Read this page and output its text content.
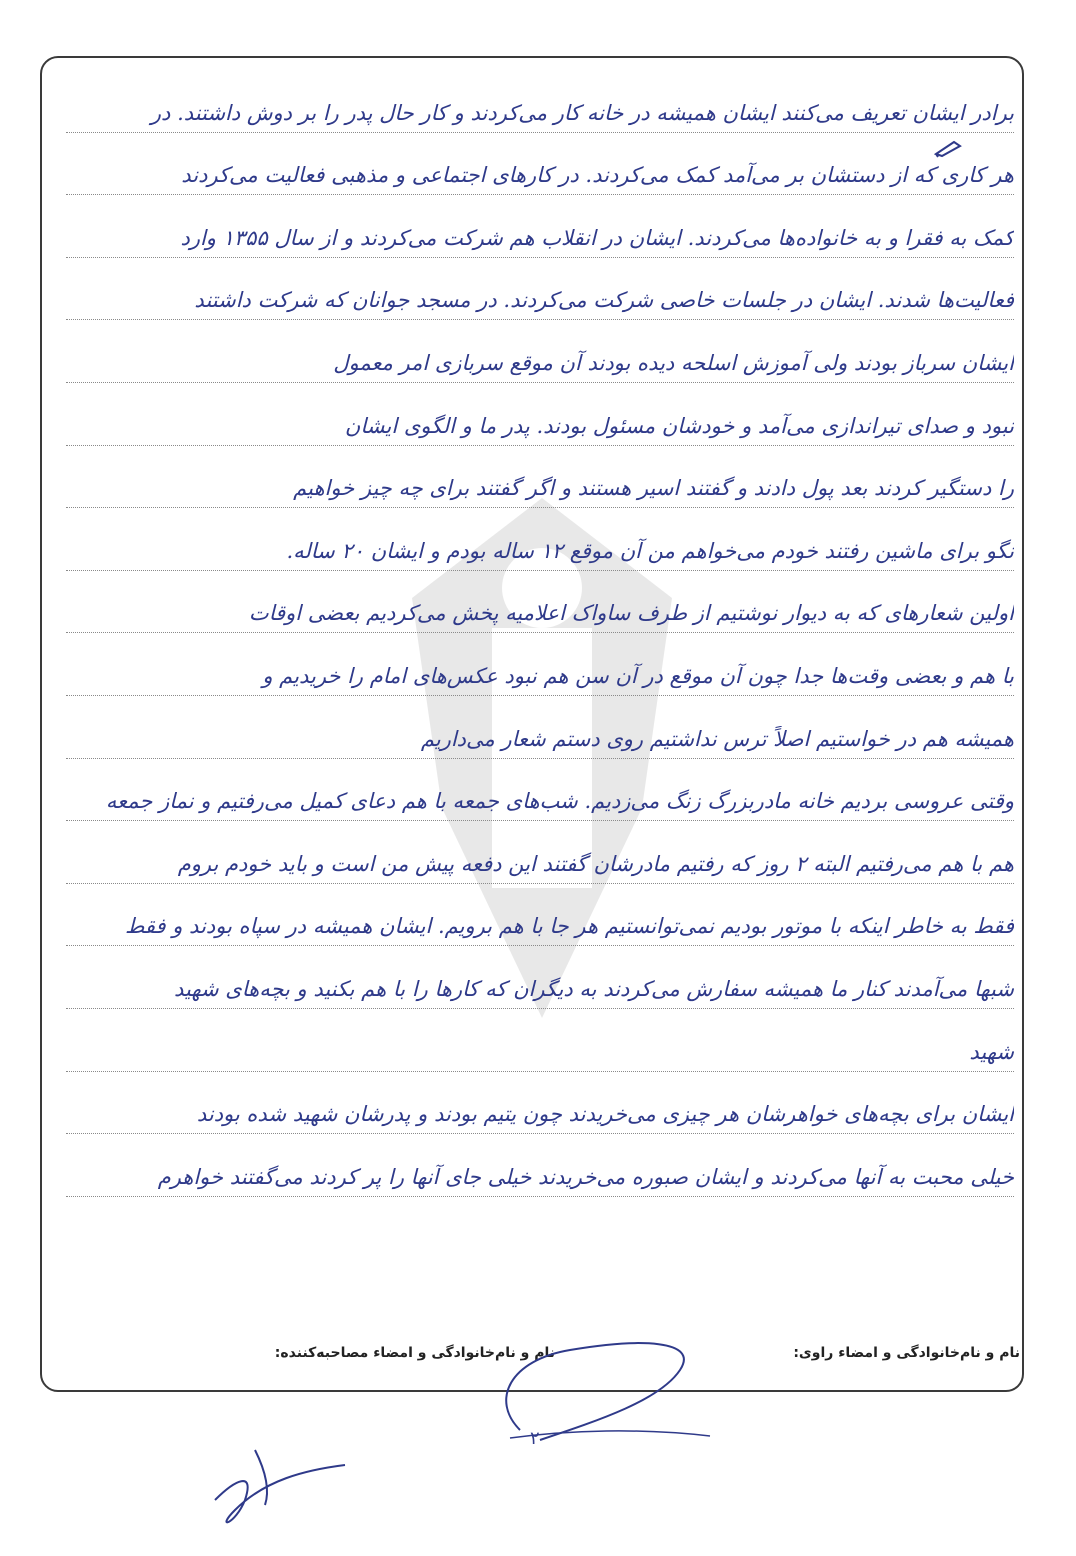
برادر ایشان تعریف می‌کنند ایشان همیشه در خانه کار می‌کردند و کار حال پدر را بر دوش داشتند. در
هر کاری که از دستشان بر می‌آمد کمک می‌کردند. در کارهای اجتماعی و مذهبی فعالیت می‌کردند
کمک به فقرا و به خانواده‌ها می‌کردند. ایشان در انقلاب هم شرکت می‌کردند و از سال ۱۳۵۵ وارد
فعالیت‌ها شدند. ایشان در جلسات خاصی شرکت می‌کردند. در مسجد جوانان که شرکت داشتند
ایشان سرباز بودند ولی آموزش اسلحه دیده بودند آن موقع سربازی امر معمول
نبود و صدای تیراندازی می‌آمد و خودشان مسئول بودند. پدر ما و الگوی ایشان
را دستگیر کردند بعد پول دادند و گفتند اسیر هستند و اگر گفتند برای چه چیز خواهیم
نگو برای ماشین رفتند خودم می‌خواهم من آن موقع ۱۲ ساله بودم و ایشان ۲۰ ساله.
اولین شعارهای که به دیوار نوشتیم از طرف ساواک اعلامیه پخش می‌کردیم بعضی اوقات
با هم و بعضی وقت‌ها جدا چون آن موقع در آن سن هم نبود عکس‌های امام را خریدیم و
همیشه هم در خواستیم اصلاً ترس نداشتیم روی دستم شعار می‌داریم
وقتی عروسی بردیم خانه مادربزرگ زنگ می‌زدیم. شب‌های جمعه با هم دعای کمیل می‌رفتیم و نماز جمعه
هم با هم می‌رفتیم البته ۲ روز که رفتیم مادرشان گفتند این دفعه پیش من است و باید خودم بروم
فقط به خاطر اینکه با موتور بودیم نمی‌توانستیم هر جا با هم برویم. ایشان همیشه در سپاه بودند و فقط
شبها می‌آمدند کنار ما همیشه سفارش می‌کردند به دیگران که کارها را با هم بکنید و بچه‌های شهید
شهید
ایشان برای بچه‌های خواهرشان هر چیزی می‌خریدند چون یتیم بودند و پدرشان شهید شده بودند
خیلی محبت به آنها می‌کردند و ایشان صبوره می‌خریدند خیلی جای آنها را پر کردند می‌گفتند خواهرم
نام و نام‌خانوادگی و امضاء راوی:
نام و نام‌خانوادگی و امضاء مصاحبه‌کننده:
۲
